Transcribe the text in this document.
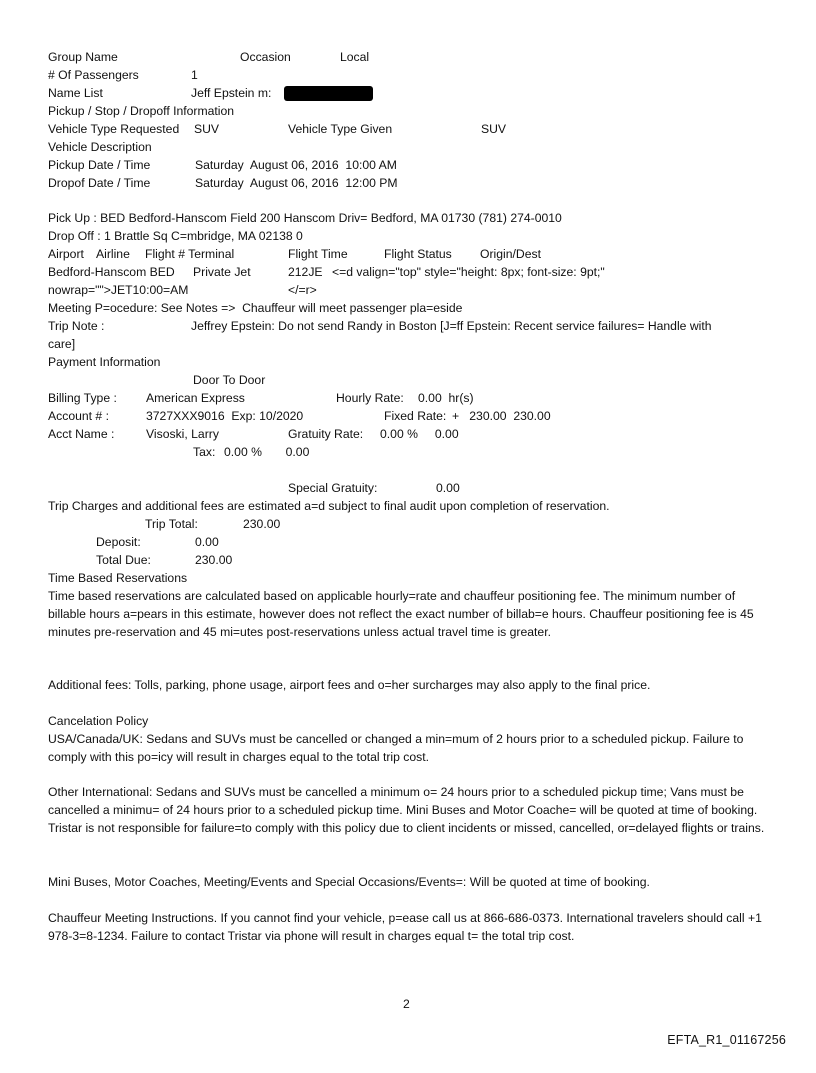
Group Name	Occasion	Local
# Of Passengers	1
Name List	Jeff Epstein m:
Pickup / Stop / Dropoff Information
Vehicle Type Requested SUV	Vehicle Type Given	SUV
Vehicle Description
Pickup Date / Time	Saturday  August 06, 2016  10:00 AM
Dropof Date / Time	Saturday  August 06, 2016  12:00 PM
Pick Up : BED Bedford-Hanscom Field 200 Hanscom Driv= Bedford, MA 01730 (781) 274-0010
Drop Off : 1 Brattle Sq C=mbridge, MA 02138 0
Airport Airline Flight # Terminal	Flight Time	Flight Status Origin/Dest
Bedford-Hanscom BED Private Jet	212JE <=d valign="top" style="height: 8px; font-size: 9pt;"
nowrap="">JET10:00=AM	</=r>
Meeting P=ocedure: See Notes =>  Chauffeur will meet passenger pla=eside
Trip Note :	Jeffrey Epstein: Do not send Randy in Boston [J=ff Epstein: Recent service failures= Handle with
care]
Payment Information
Door To Door
Billing Type : American Express	Hourly Rate: 0.00  hr(s)
Account # :	3727XXX9016  Exp: 10/2020	Fixed Rate: +   230.00  230.00
Acct Name :	Visoski, Larry	Gratuity Rate: 0.00 %     0.00
Tax: 0.00 %       0.00
Special Gratuity:	0.00
Trip Charges and additional fees are estimated a=d subject to final audit upon completion of reservation.
Trip Total:	230.00
Deposit:	0.00
Total Due:	230.00
Time Based Reservations
Time based reservations are calculated based on applicable hourly=rate and chauffeur positioning fee. The minimum number of billable hours a=pears in this estimate, however does not reflect the exact number of billab=e hours. Chauffeur positioning fee is 45 minutes pre-reservation and 45 mi=utes post-reservations unless actual travel time is greater.
Additional fees: Tolls, parking, phone usage, airport fees and o=her surcharges may also apply to the final price.
Cancelation Policy
USA/Canada/UK: Sedans and SUVs must be cancelled or changed a min=mum of 2 hours prior to a scheduled pickup. Failure to comply with this po=icy will result in charges equal to the total trip cost.
Other International: Sedans and SUVs must be cancelled a minimum o= 24 hours prior to a scheduled pickup time; Vans must be cancelled a minimu= of 24 hours prior to a scheduled pickup time. Mini Buses and Motor Coache= will be quoted at time of booking. Tristar is not responsible for failure=to comply with this policy due to client incidents or missed, cancelled, or=delayed flights or trains.
Mini Buses, Motor Coaches, Meeting/Events and Special Occasions/Events=: Will be quoted at time of booking.
Chauffeur Meeting Instructions. If you cannot find your vehicle, p=ease call us at 866-686-0373. International travelers should call +1 978-3=8-1234. Failure to contact Tristar via phone will result in charges equal t= the total trip cost.
2
EFTA_R1_01167256
